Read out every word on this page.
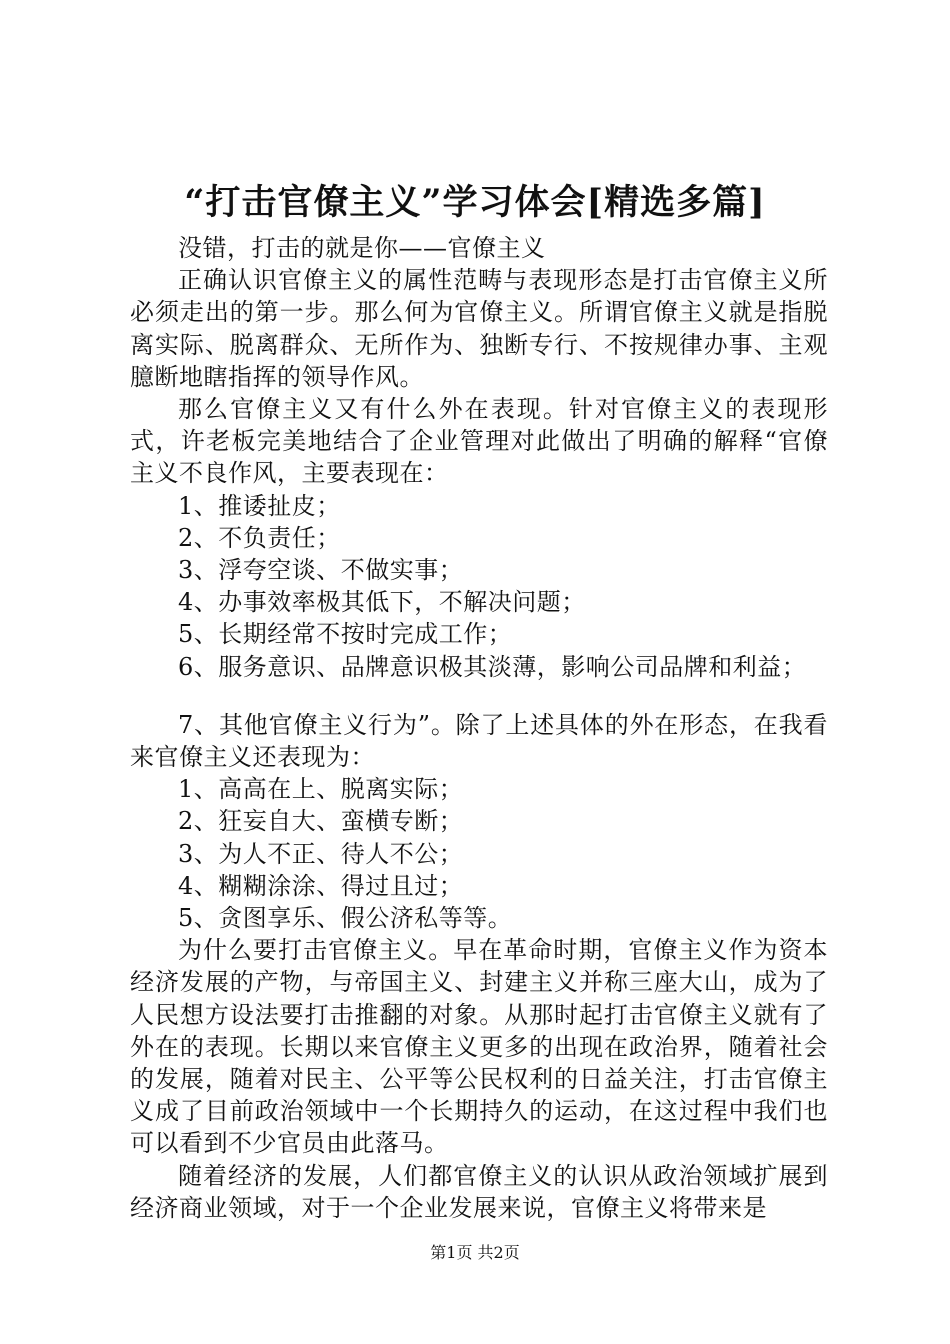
“打击官僚主义”学习体会[精选多篇]

没错，打击的就是你——官僚主义

正确认识官僚主义的属性范畴与表现形态是打击官僚主义所必须走出的第一步。那么何为官僚主义。所谓官僚主义就是指脱离实际、脱离群众、无所作为、独断专行、不按规律办事、主观臆断地瞎指挥的领导作风。

那么官僚主义又有什么外在表现。针对官僚主义的表现形式，许老板完美地结合了企业管理对此做出了明确的解释“官僚主义不良作风，主要表现在：

1、推诿扯皮；

2、不负责任；

3、浮夸空谈、不做实事；

4、办事效率极其低下，不解决问题；

5、长期经常不按时完成工作；

6、服务意识、品牌意识极其淡薄，影响公司品牌和利益；

7、其他官僚主义行为”。除了上述具体的外在形态，在我看来官僚主义还表现为：

1、高高在上、脱离实际；

2、狂妄自大、蛮横专断；

3、为人不正、待人不公；

4、糊糊涂涂、得过且过；

5、贪图享乐、假公济私等等。

为什么要打击官僚主义。早在革命时期，官僚主义作为资本经济发展的产物，与帝国主义、封建主义并称三座大山，成为了人民想方设法要打击推翻的对象。从那时起打击官僚主义就有了外在的表现。长期以来官僚主义更多的出现在政治界，随着社会的发展，随着对民主、公平等公民权利的日益关注，打击官僚主义成了目前政治领域中一个长期持久的运动，在这过程中我们也可以看到不少官员由此落马。

随着经济的发展，人们都官僚主义的认识从政治领域扩展到经济商业领域，对于一个企业发展来说，官僚主义将带来是

第1页 共2页
